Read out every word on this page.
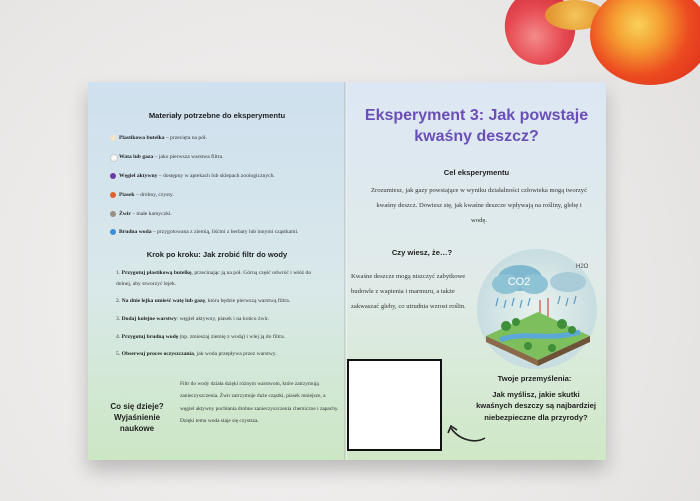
Materiały potrzebne do eksperymentu
Plastikowa butelka – przecięta na pół.
Wata lub gaza – jako pierwsza warstwa filtra.
Węgiel aktywny – dostępny w aptekach lub sklepach zoologicznych.
Piasek – drobny, czysty.
Żwir – małe kamyczki.
Brudna woda – przygotowana z ziemią, liśćmi z herbaty lub innymi cząstkami.
Krok po kroku: Jak zrobić filtr do wody
1. Przygotuj plastikową butelkę, przecinając ją na pół. Górną część odwróć i włóż do dolnej, aby stworzyć lejek.
2. Na dnie lejka umieść watę lub gazę, która będzie pierwszą warstwą filtra.
3. Dodaj kolejne warstwy: węgiel aktywny, piasek i na końcu żwir.
4. Przygotuj brudną wodę (np. zmieszaj ziemię z wodą) i wlej ją do filtra.
5. Obserwuj proces oczyszczania, jak woda przepływa przez warstwy.
Co się dzieje? Wyjaśnienie naukowe
Filtr do wody działa dzięki różnym warstwom, które zatrzymują zanieczyszczenia. Żwir zatrzymuje duże cząstki, piasek mniejsze, a węgiel aktywny pochłania drobne zanieczyszczenia chemiczne i zapachy. Dzięki temu woda staje się czystsza.
Eksperyment 3: Jak powstaje kwaśny deszcz?
Cel eksperymentu
Zrozumiesz, jak gazy powstające w wyniku działalności człowieka mogą tworzyć kwaśny deszcz. Dowiesz się, jak kwaśne deszcze wpływają na rośliny, glebę i wodę.
Czy wiesz, że…?
Kwaśne deszcze mogą niszczyć zabytkowe budowle z wapienia i marmuru, a także zakwaszać gleby, co utrudnia wzrost roślin.
CO2
H2O
Twoje przemyślenia:
Jak myślisz, jakie skutki kwaśnych deszczy są najbardziej niebezpieczne dla przyrody?
